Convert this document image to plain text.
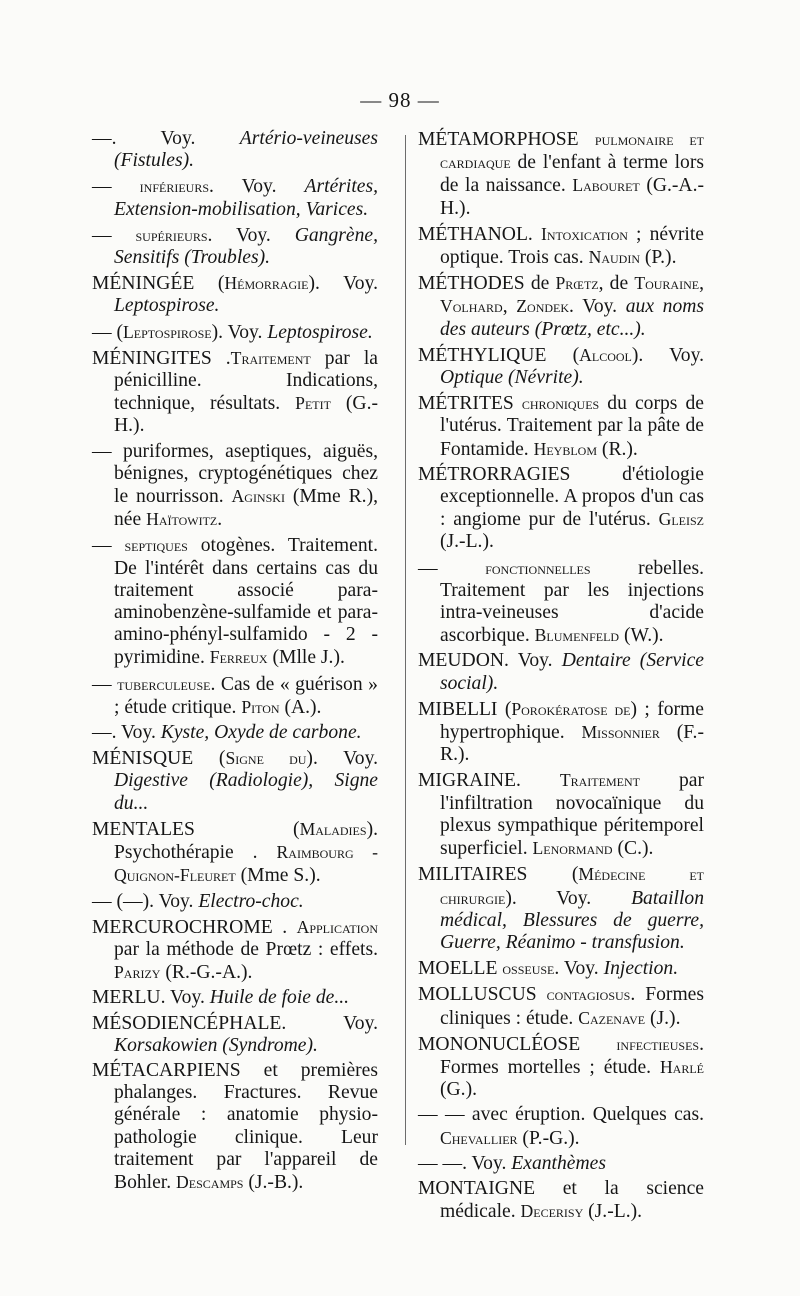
— 98 —

—. Voy. Artério-veineuses (Fistules).

— inférieurs. Voy. Artérites, Extension-mobilisation, Varices.

— supérieurs. Voy. Gangrène, Sensitifs (Troubles).

MÉNINGÉE (Hémorragie). Voy. Leptospirose.

— (Leptospirose). Voy. Leptospirose.

MÉNINGITES .Traitement par la pénicilline. Indications, technique, résultats. Petit (G.-H.).

— puriformes, aseptiques, aiguës, bénignes, cryptogénétiques chez le nourrisson. Aginski (Mme R.), née Haïtowitz.

— septiques otogènes. Traitement. De l'intérêt dans certains cas du traitement associé para-aminobenzène-sulfamide et para-amino-phényl-sulfamido - 2 - pyrimidine. Ferreux (Mlle J.).

— tuberculeuse. Cas de « guérison » ; étude critique. Piton (A.).

—. Voy. Kyste, Oxyde de carbone.

MÉNISQUE (Signe du). Voy. Digestive (Radiologie), Signe du...

MENTALES (Maladies). Psychothérapie . Raimbourg - Quignon-Fleuret (Mme S.).

— (—). Voy. Electro-choc.

MERCUROCHROME . Application par la méthode de Prœtz : effets. Parizy (R.-G.-A.).

MERLU. Voy. Huile de foie de...

MÉSODIENCÉPHALE. Voy. Korsakowien (Syndrome).

MÉTACARPIENS et premières phalanges. Fractures. Revue générale : anatomie physio-pathologie clinique. Leur traitement par l'appareil de Bohler. Descamps (J.-B.).

MÉTAMORPHOSE pulmonaire et cardiaque de l'enfant à terme lors de la naissance. Labouret (G.-A.-H.).

MÉTHANOL. Intoxication ; névrite optique. Trois cas. Naudin (P.).

MÉTHODES de Prœtz, de Touraine, Volhard, Zondek. Voy. aux noms des auteurs (Prœtz, etc...).

MÉTHYLIQUE (Alcool). Voy. Optique (Névrite).

MÉTRITES chroniques du corps de l'utérus. Traitement par la pâte de Fontamide. Heyblom (R.).

MÉTRORRAGIES d'étiologie exceptionnelle. A propos d'un cas : angiome pur de l'utérus. Gleisz (J.-L.).

— fonctionnelles rebelles. Traitement par les injections intra-veineuses d'acide ascorbique. Blumenfeld (W.).

MEUDON. Voy. Dentaire (Service social).

MIBELLI (Porokératose de) ; forme hypertrophique. Missonnier (F.-R.).

MIGRAINE. Traitement par l'infiltration novocaïnique du plexus sympathique péritemporel superficiel. Lenormand (C.).

MILITAIRES (Médecine et chirurgie). Voy. Bataillon médical, Blessures de guerre, Guerre, Réanimo - transfusion.

MOELLE osseuse. Voy. Injection.

MOLLUSCUS contagiosus. Formes cliniques : étude. Cazenave (J.).

MONONUCLÉOSE infectieuses. Formes mortelles ; étude. Harlé (G.).

— — avec éruption. Quelques cas. Chevallier (P.-G.).

— —. Voy. Exanthèmes

MONTAIGNE et la science médicale. Decerisy (J.-L.).
